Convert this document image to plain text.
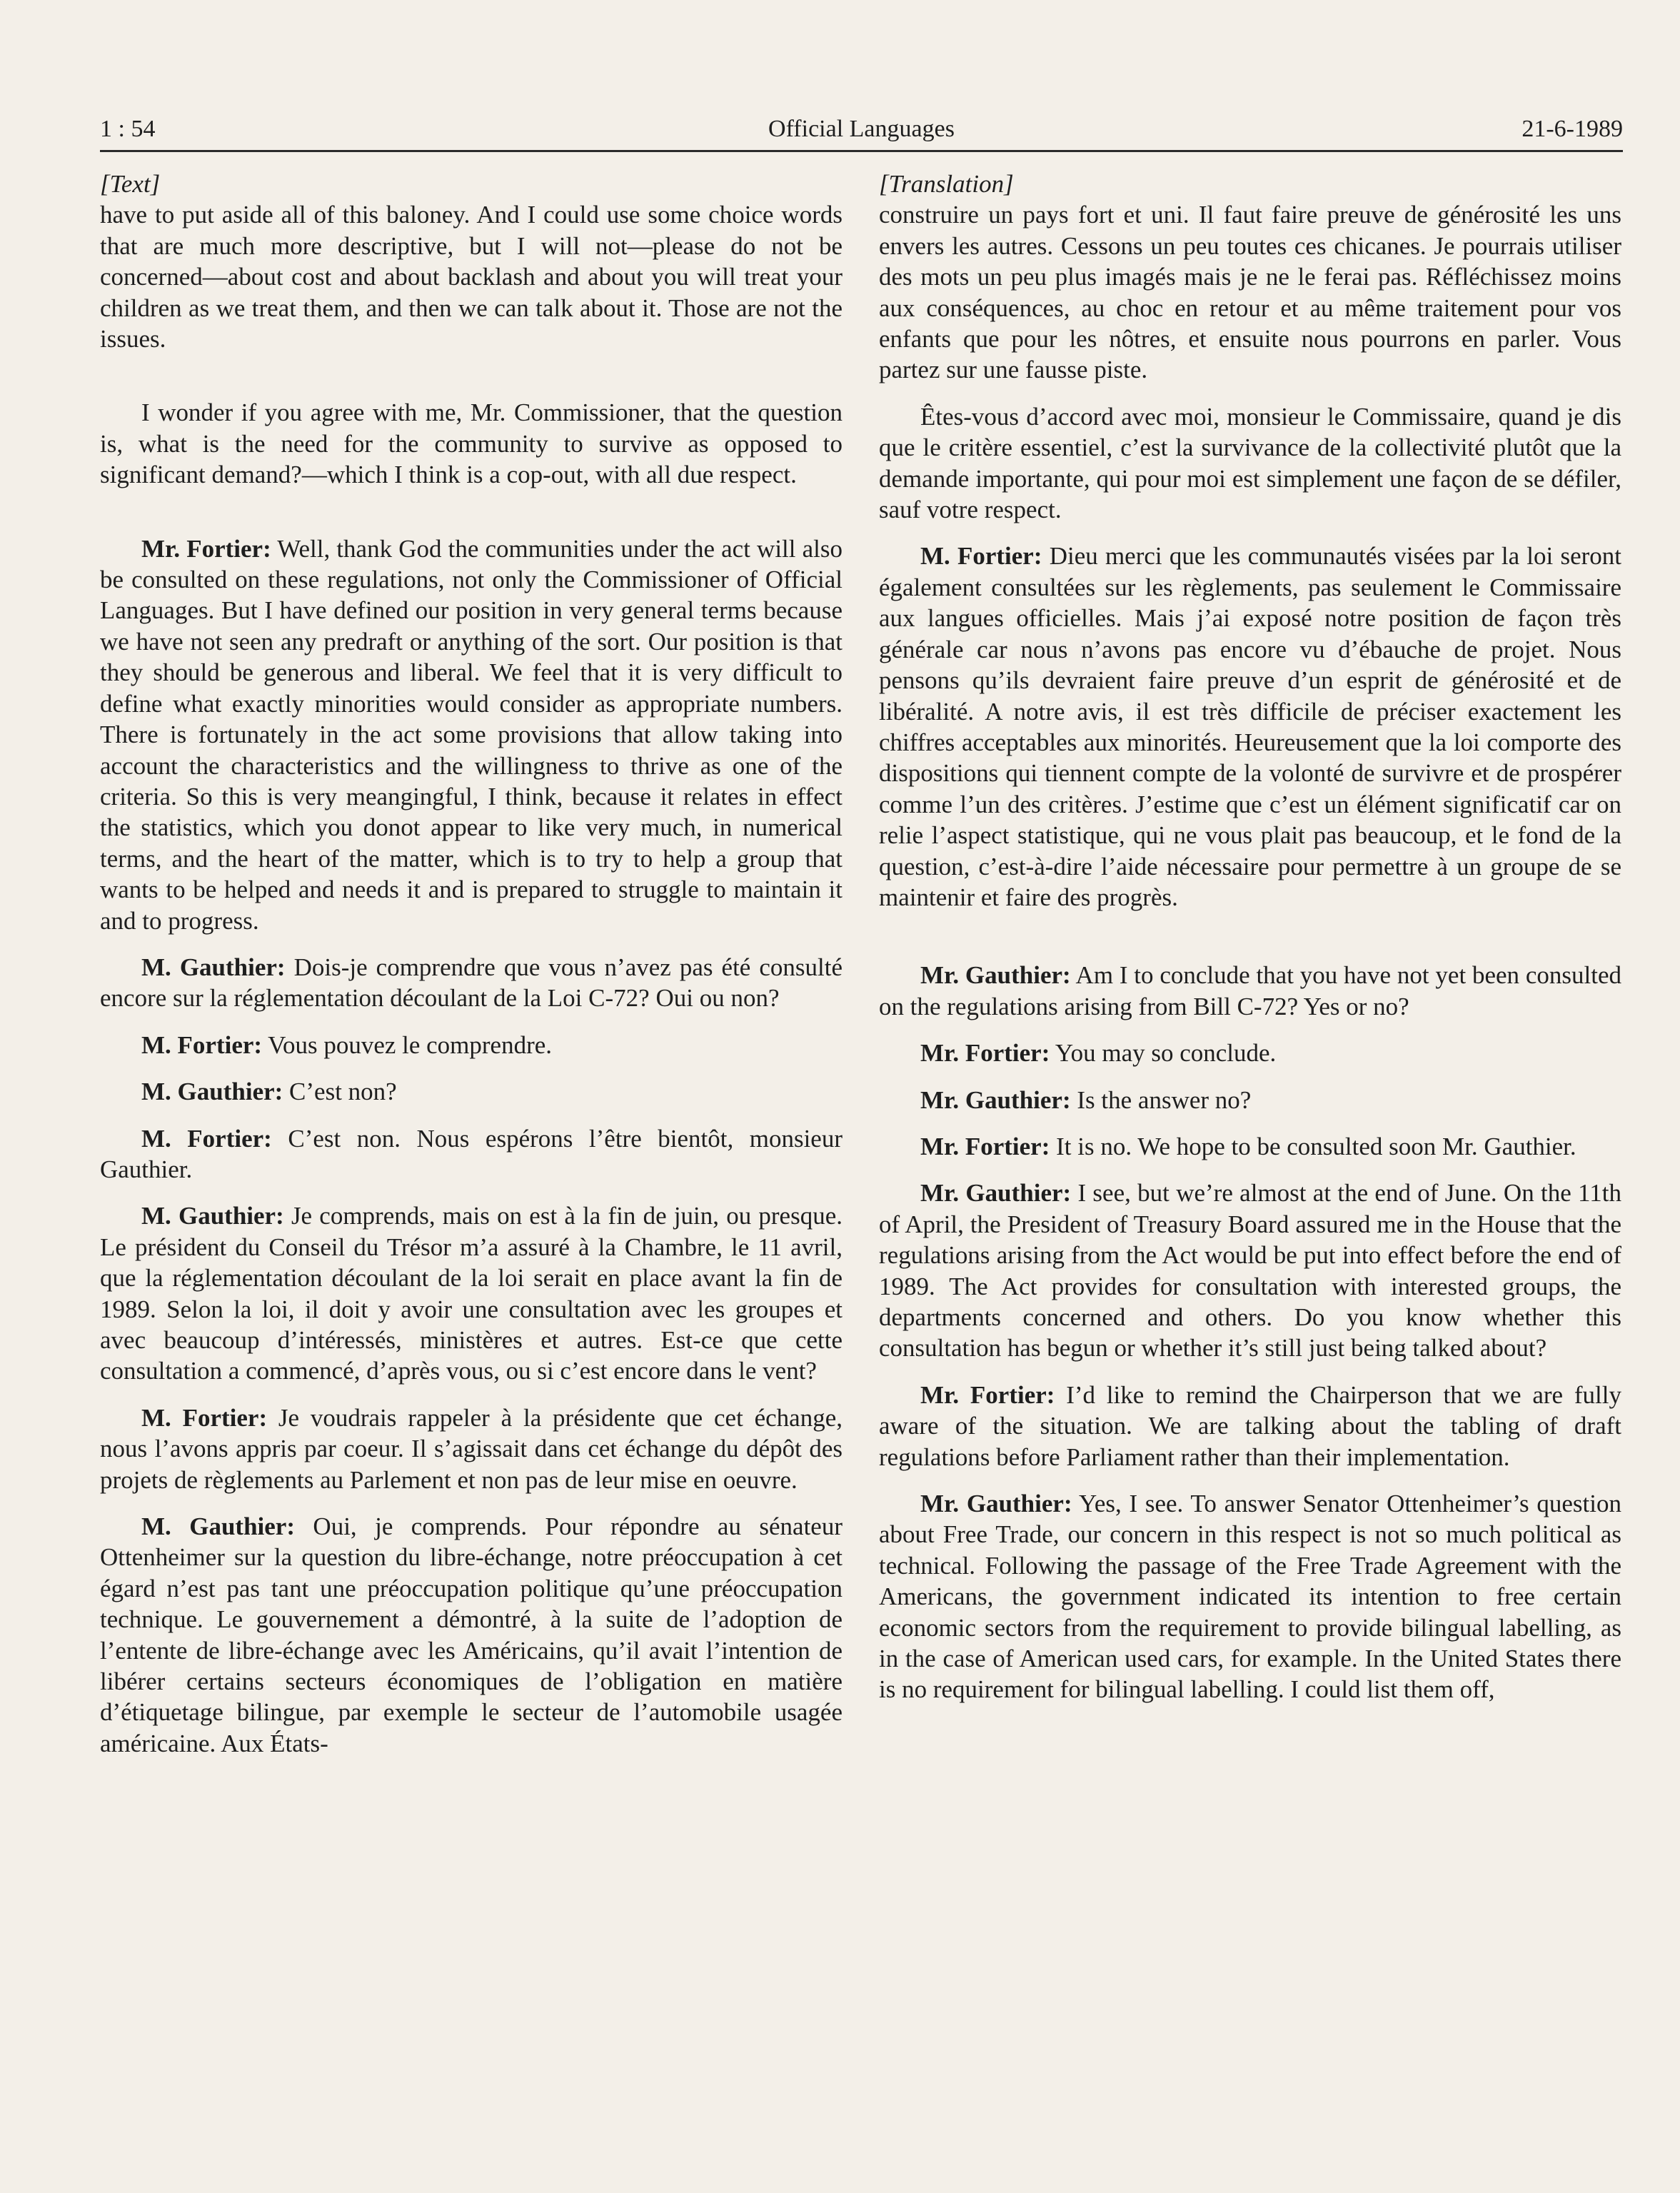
1 : 54	Official Languages	21-6-1989

[Text]

have to put aside all of this baloney. And I could use some choice words that are much more descriptive, but I will not—please do not be concerned—about cost and about backlash and about you will treat your children as we treat them, and then we can talk about it. Those are not the issues.

I wonder if you agree with me, Mr. Commissioner, that the question is, what is the need for the community to survive as opposed to significant demand?—which I think is a cop-out, with all due respect.

Mr. Fortier: Well, thank God the communities under the act will also be consulted on these regulations, not only the Commissioner of Official Languages. But I have defined our position in very general terms because we have not seen any predraft or anything of the sort. Our position is that they should be generous and liberal. We feel that it is very difficult to define what exactly minorities would consider as appropriate numbers. There is fortunately in the act some provisions that allow taking into account the characteristics and the willingness to thrive as one of the criteria. So this is very meangingful, I think, because it relates in effect the statistics, which you donot appear to like very much, in numerical terms, and the heart of the matter, which is to try to help a group that wants to be helped and needs it and is prepared to struggle to maintain it and to progress.

M. Gauthier: Dois-je comprendre que vous n’avez pas été consulté encore sur la réglementation découlant de la Loi C-72? Oui ou non?

M. Fortier: Vous pouvez le comprendre.

M. Gauthier: C’est non?

M. Fortier: C’est non. Nous espérons l’être bientôt, monsieur Gauthier.

M. Gauthier: Je comprends, mais on est à la fin de juin, ou presque. Le président du Conseil du Trésor m’a assuré à la Chambre, le 11 avril, que la réglementation découlant de la loi serait en place avant la fin de 1989. Selon la loi, il doit y avoir une consultation avec les groupes et avec beaucoup d’intéressés, ministères et autres. Est-ce que cette consultation a commencé, d’après vous, ou si c’est encore dans le vent?

M. Fortier: Je voudrais rappeler à la présidente que cet échange, nous l’avons appris par coeur. Il s’agissait dans cet échange du dépôt des projets de règlements au Parlement et non pas de leur mise en oeuvre.

M. Gauthier: Oui, je comprends. Pour répondre au sénateur Ottenheimer sur la question du libre-échange, notre préoccupation à cet égard n’est pas tant une préoccupation politique qu’une préoccupation technique. Le gouvernement a démontré, à la suite de l’adoption de l’entente de libre-échange avec les Américains, qu’il avait l’intention de libérer certains secteurs économiques de l’obligation en matière d’étiquetage bilingue, par exemple le secteur de l’automobile usagée américaine. Aux États-

[Translation]

construire un pays fort et uni. Il faut faire preuve de générosité les uns envers les autres. Cessons un peu toutes ces chicanes. Je pourrais utiliser des mots un peu plus imagés mais je ne le ferai pas. Réfléchissez moins aux conséquences, au choc en retour et au même traitement pour vos enfants que pour les nôtres, et ensuite nous pourrons en parler. Vous partez sur une fausse piste.

Êtes-vous d’accord avec moi, monsieur le Commissaire, quand je dis que le critère essentiel, c’est la survivance de la collectivité plutôt que la demande importante, qui pour moi est simplement une façon de se défiler, sauf votre respect.

M. Fortier: Dieu merci que les communautés visées par la loi seront également consultées sur les règlements, pas seulement le Commissaire aux langues officielles. Mais j’ai exposé notre position de façon très générale car nous n’avons pas encore vu d’ébauche de projet. Nous pensons qu’ils devraient faire preuve d’un esprit de générosité et de libéralité. A notre avis, il est très difficile de préciser exactement les chiffres acceptables aux minorités. Heureusement que la loi comporte des dispositions qui tiennent compte de la volonté de survivre et de prospérer comme l’un des critères. J’estime que c’est un élément significatif car on relie l’aspect statistique, qui ne vous plait pas beaucoup, et le fond de la question, c’est-à-dire l’aide nécessaire pour permettre à un groupe de se maintenir et faire des progrès.

Mr. Gauthier: Am I to conclude that you have not yet been consulted on the regulations arising from Bill C-72? Yes or no?

Mr. Fortier: You may so conclude.

Mr. Gauthier: Is the answer no?

Mr. Fortier: It is no. We hope to be consulted soon Mr. Gauthier.

Mr. Gauthier: I see, but we’re almost at the end of June. On the 11th of April, the President of Treasury Board assured me in the House that the regulations arising from the Act would be put into effect before the end of 1989. The Act provides for consultation with interested groups, the departments concerned and others. Do you know whether this consultation has begun or whether it’s still just being talked about?

Mr. Fortier: I’d like to remind the Chairperson that we are fully aware of the situation. We are talking about the tabling of draft regulations before Parliament rather than their implementation.

Mr. Gauthier: Yes, I see. To answer Senator Ottenheimer’s question about Free Trade, our concern in this respect is not so much political as technical. Following the passage of the Free Trade Agreement with the Americans, the government indicated its intention to free certain economic sectors from the requirement to provide bilingual labelling, as in the case of American used cars, for example. In the United States there is no requirement for bilingual labelling. I could list them off,
